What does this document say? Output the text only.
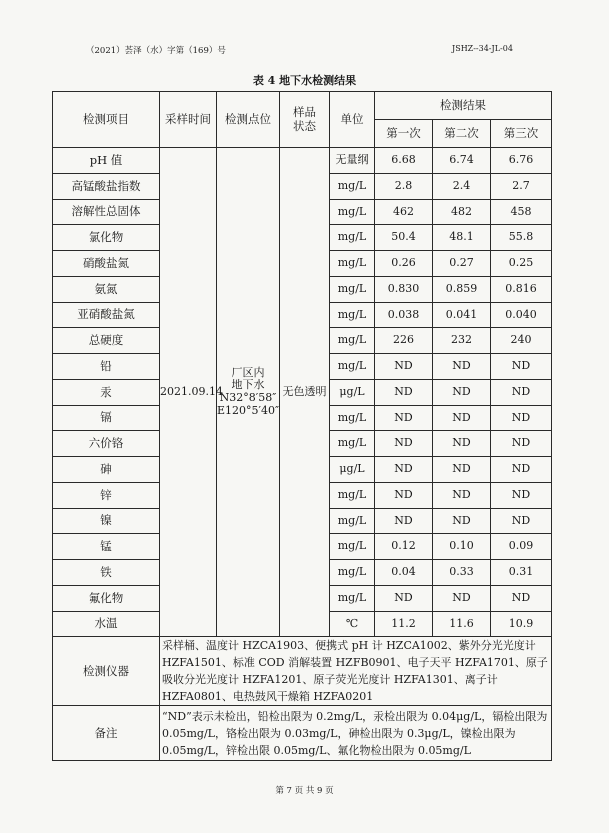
（2021）荟泽（水）字第（169）号	JSHZ--34-JL-04
表 4 地下水检测结果
检测项目	采样时间	检测点位	样品状态	单位	检测结果		
					第一次	第二次	第三次
pH 值	2021.09.14	厂区内
地下水
N32°8′58″
E120°5′40″	无色透明	无量纲	6.68	6.74	6.76
高锰酸盐指数				mg/L	2.8	2.4	2.7
溶解性总固体				mg/L	462	482	458
氯化物				mg/L	50.4	48.1	55.8
硝酸盐氮				mg/L	0.26	0.27	0.25
氨氮				mg/L	0.830	0.859	0.816
亚硝酸盐氮				mg/L	0.038	0.041	0.040
总硬度				mg/L	226	232	240
铅				mg/L	ND	ND	ND
汞				μg/L	ND	ND	ND
镉				mg/L	ND	ND	ND
六价铬				mg/L	ND	ND	ND
砷				μg/L	ND	ND	ND
锌				mg/L	ND	ND	ND
镍				mg/L	ND	ND	ND
锰				mg/L	0.12	0.10	0.09
铁				mg/L	0.04	0.33	0.31
氟化物				mg/L	ND	ND	ND
水温				℃	11.2	11.6	10.9
检测仪器	采样桶、温度计 HZCA1903、便携式 pH 计 HZCA1002、紫外分光光度计 HZFA1501、标准 COD 消解装置 HZFB0901、电子天平 HZFA1701、原子吸收分光光度计 HZFA1201、原子荧光光度计 HZFA1301、离子计 HZFA0801、电热鼓风干燥箱 HZFA0201						
备注	“ND”表示未检出，铅检出限为 0.2mg/L，汞检出限为 0.04μg/L，镉检出限为 0.05mg/L，铬检出限为 0.03mg/L，砷检出限为 0.3μg/L，镍检出限为 0.05mg/L，锌检出限 0.05mg/L、氟化物检出限为 0.05mg/L						
第 7 页 共 9 页
